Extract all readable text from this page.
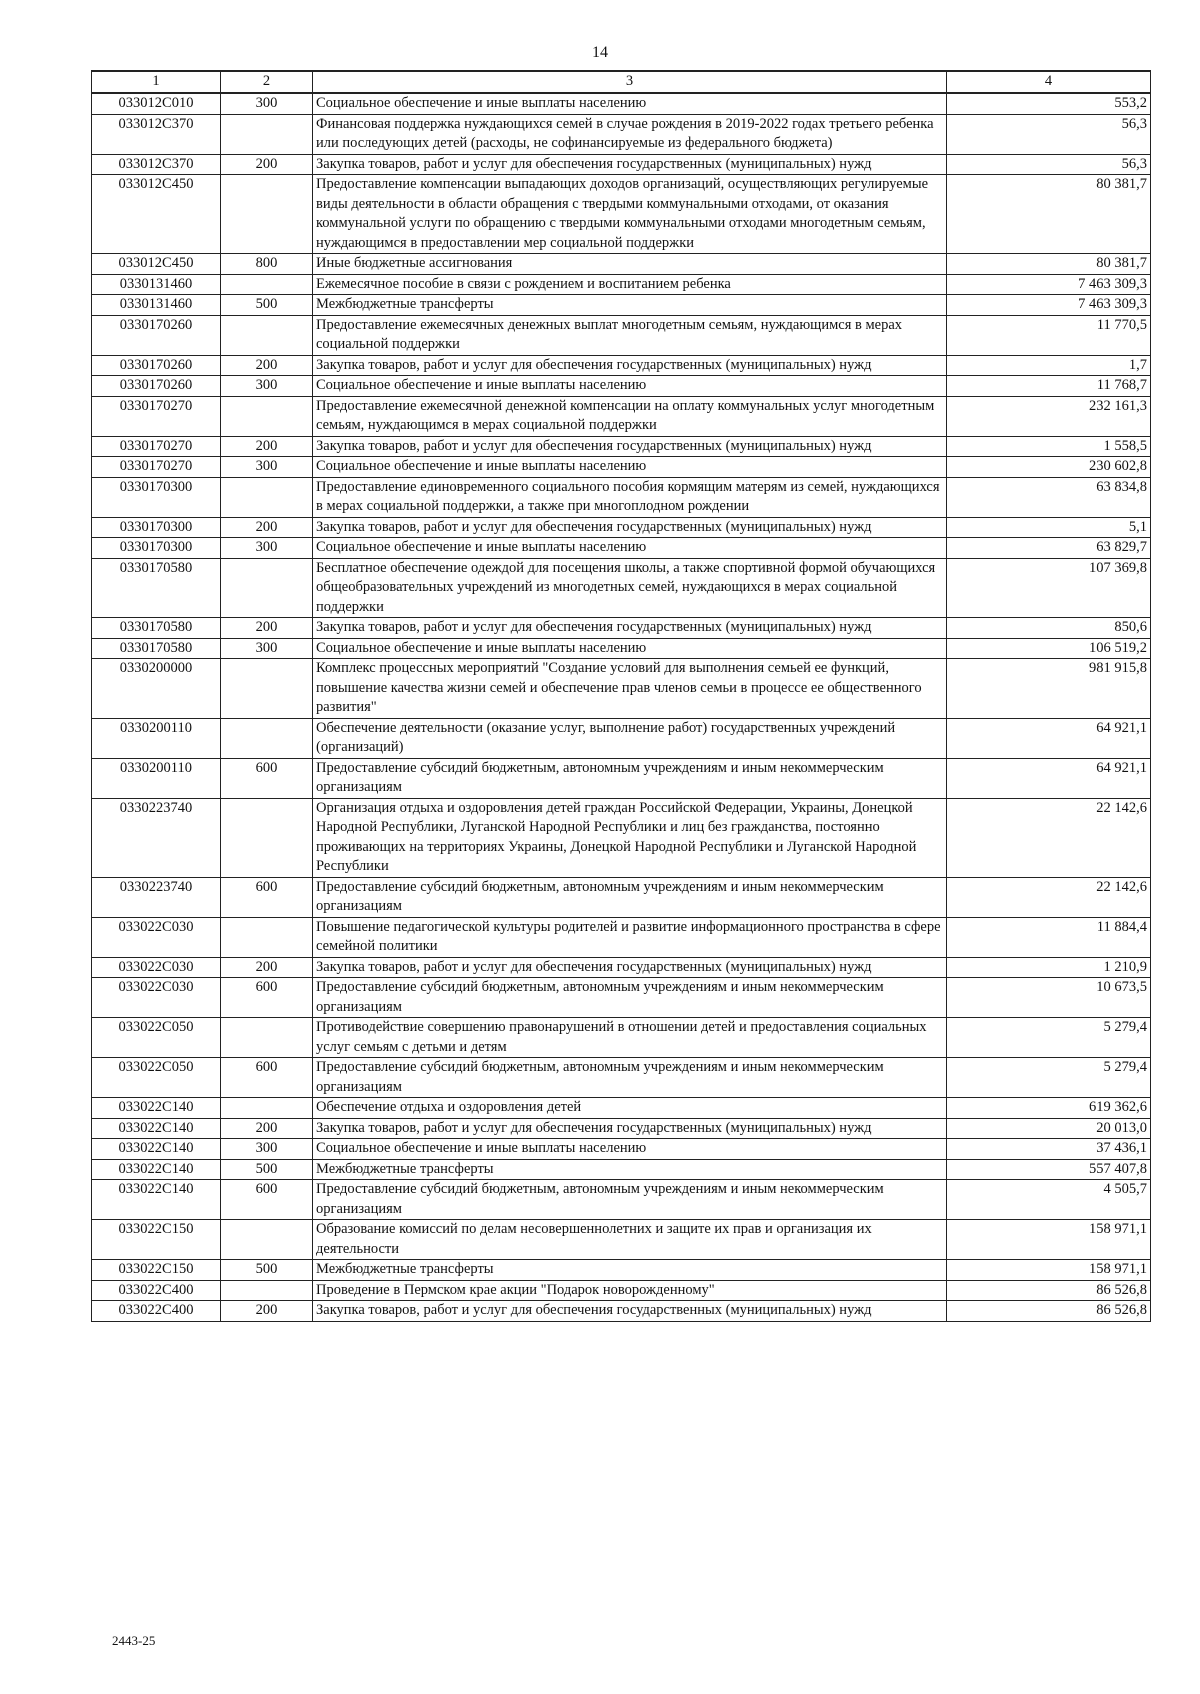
14
1	2	3	4
033012С010	300	Социальное обеспечение и иные выплаты населению	553,2
033012С370		Финансовая поддержка нуждающихся семей в случае рождения в 2019-2022 годах третьего ребенка или последующих детей (расходы, не софинансируемые из федерального бюджета)	56,3
033012С370	200	Закупка товаров, работ и услуг для обеспечения государственных (муниципальных) нужд	56,3
033012С450		Предоставление компенсации выпадающих доходов организаций, осуществляющих регулируемые виды деятельности в области обращения с твердыми коммунальными отходами, от оказания коммунальной услуги по обращению с твердыми коммунальными отходами многодетным семьям, нуждающимся в предоставлении мер социальной поддержки	80 381,7
033012С450	800	Иные бюджетные ассигнования	80 381,7
0330131460		Ежемесячное пособие в связи с рождением и воспитанием ребенка	7 463 309,3
0330131460	500	Межбюджетные трансферты	7 463 309,3
0330170260		Предоставление ежемесячных денежных выплат многодетным семьям, нуждающимся в мерах социальной поддержки	11 770,5
0330170260	200	Закупка товаров, работ и услуг для обеспечения государственных (муниципальных) нужд	1,7
0330170260	300	Социальное обеспечение и иные выплаты населению	11 768,7
0330170270		Предоставление ежемесячной денежной компенсации на оплату коммунальных услуг многодетным семьям, нуждающимся в мерах социальной поддержки	232 161,3
0330170270	200	Закупка товаров, работ и услуг для обеспечения государственных (муниципальных) нужд	1 558,5
0330170270	300	Социальное обеспечение и иные выплаты населению	230 602,8
0330170300		Предоставление единовременного социального пособия кормящим матерям из семей, нуждающихся в мерах социальной поддержки, а также при многоплодном рождении	63 834,8
0330170300	200	Закупка товаров, работ и услуг для обеспечения государственных (муниципальных) нужд	5,1
0330170300	300	Социальное обеспечение и иные выплаты населению	63 829,7
0330170580		Бесплатное обеспечение одеждой для посещения школы, а также спортивной формой обучающихся общеобразовательных учреждений из многодетных семей, нуждающихся в мерах социальной поддержки	107 369,8
0330170580	200	Закупка товаров, работ и услуг для обеспечения государственных (муниципальных) нужд	850,6
0330170580	300	Социальное обеспечение и иные выплаты населению	106 519,2
0330200000		Комплекс процессных мероприятий "Создание условий для выполнения семьей ее функций, повышение качества жизни семей и обеспечение прав членов семьи в процессе ее общественного развития"	981 915,8
0330200110		Обеспечение деятельности (оказание услуг, выполнение работ) государственных учреждений (организаций)	64 921,1
0330200110	600	Предоставление субсидий бюджетным, автономным учреждениям и иным некоммерческим организациям	64 921,1
0330223740		Организация отдыха и оздоровления детей граждан Российской Федерации, Украины, Донецкой Народной Республики, Луганской Народной Республики и лиц без гражданства, постоянно проживающих на территориях Украины, Донецкой Народной Республики и Луганской Народной Республики	22 142,6
0330223740	600	Предоставление субсидий бюджетным, автономным учреждениям и иным некоммерческим организациям	22 142,6
033022С030		Повышение педагогической культуры родителей и развитие информационного пространства в сфере семейной политики	11 884,4
033022С030	200	Закупка товаров, работ и услуг для обеспечения государственных (муниципальных) нужд	1 210,9
033022С030	600	Предоставление субсидий бюджетным, автономным учреждениям и иным некоммерческим организациям	10 673,5
033022С050		Противодействие совершению правонарушений в отношении детей и предоставления социальных услуг семьям с детьми и детям	5 279,4
033022С050	600	Предоставление субсидий бюджетным, автономным учреждениям и иным некоммерческим организациям	5 279,4
033022С140		Обеспечение отдыха и оздоровления детей	619 362,6
033022С140	200	Закупка товаров, работ и услуг для обеспечения государственных (муниципальных) нужд	20 013,0
033022С140	300	Социальное обеспечение и иные выплаты населению	37 436,1
033022С140	500	Межбюджетные трансферты	557 407,8
033022С140	600	Предоставление субсидий бюджетным, автономным учреждениям и иным некоммерческим организациям	4 505,7
033022С150		Образование комиссий по делам несовершеннолетних и защите их прав и организация их деятельности	158 971,1
033022С150	500	Межбюджетные трансферты	158 971,1
033022С400		Проведение в Пермском крае акции "Подарок новорожденному"	86 526,8
033022С400	200	Закупка товаров, работ и услуг для обеспечения государственных (муниципальных) нужд	86 526,8
2443-25
